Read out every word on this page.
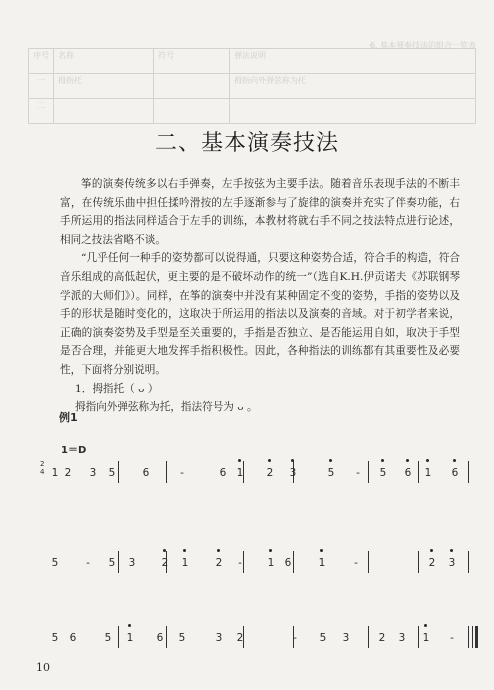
6. 基本弹奏技法的组合一览表
序号	名称	符号	弹法说明
一	拇指托		拇指向外弹弦称为托
二			
二、基本演奏技法

筝的演奏传统多以右手弹奏，左手按弦为主要手法。随着音乐表现手法的不断丰富，在传统乐曲中担任揉吟滑按的左手逐渐参与了旋律的演奏并充实了伴奏功能，右手所运用的指法同样适合于左手的训练，本教材将就右手不同之技法特点进行论述，相同之技法省略不谈。

“几乎任何一种手的姿势都可以说得通，只要这种姿势合适，符合手的构造，符合音乐组成的高低起伏，更主要的是不破坏动作的统一”（选自K.H.伊贡诺夫《苏联钢琴学派的大师们》）。同样，在筝的演奏中并没有某种固定不变的姿势，手指的姿势以及手的形状是随时变化的，这取决于所运用的指法以及演奏的音域。对于初学者来说，正确的演奏姿势及手型是至关重要的，手指是否独立、是否能运用自如，取决于手型是否合理，并能更大地发挥手指积极性。因此，各种指法的训练都有其重要性及必要性，下面将分别说明。

1．拇指托（ ᴗ ）

拇指向外弹弦称为托，指法符号为 ᴗ 。

例1
1＝D
2
4 1 2 3 5	6	-	6 1 2 3	5	-	5 6 1 6
5	-	5 3	2 1	2	-	1 6	1	-	2 3
5 6	5 1 6 5	3 2	-	5 3	2 3 1	-
10
